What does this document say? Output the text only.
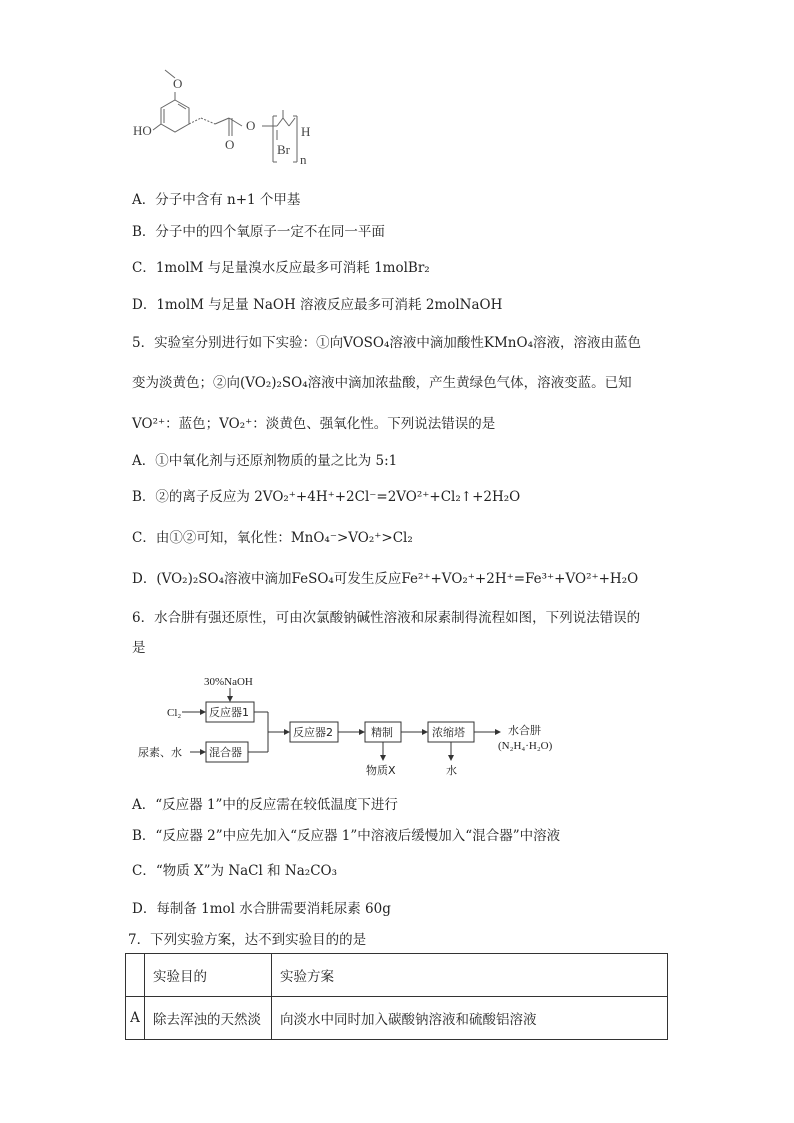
O
HO
O
O
Br
H
n
A．分子中含有 n+1 个甲基
B．分子中的四个氧原子一定不在同一平面
C．1molM 与足量溴水反应最多可消耗 1molBr₂
D．1molM 与足量 NaOH 溶液反应最多可消耗 2molNaOH
5．实验室分别进行如下实验：①向VOSO₄溶液中滴加酸性KMnO₄溶液，溶液由蓝色
变为淡黄色；②向(VO₂)₂SO₄溶液中滴加浓盐酸，产生黄绿色气体，溶液变蓝。已知
VO²⁺：蓝色；VO₂⁺：淡黄色、强氧化性。下列说法错误的是
A．①中氧化剂与还原剂物质的量之比为 5:1
B．②的离子反应为 2VO₂⁺+4H⁺+2Cl⁻=2VO²⁺+Cl₂↑+2H₂O
C．由①②可知，氧化性：MnO₄⁻>VO₂⁺>Cl₂
D．(VO₂)₂SO₄溶液中滴加FeSO₄可发生反应Fe²⁺+VO₂⁺+2H⁺=Fe³⁺+VO²⁺+H₂O
6．水合肼有强还原性，可由次氯酸钠碱性溶液和尿素制得流程如图，下列说法错误的
是
30%NaOH
Cl₂	反应器1
尿素、水 混合器
反应器2	精制	浓缩塔	水合肼
(N₂H₄·H₂O)
物质X	水
A．“反应器 1”中的反应需在较低温度下进行
B．“反应器 2”中应先加入“反应器 1”中溶液后缓慢加入“混合器”中溶液
C．“物质 X”为 NaCl 和 Na₂CO₃
D．每制备 1mol 水合肼需要消耗尿素 60g
7．下列实验方案，达不到实验目的的是
	实验目的	实验方案
A	除去浑浊的天然淡	向淡水中同时加入碳酸钠溶液和硫酸铝溶液
